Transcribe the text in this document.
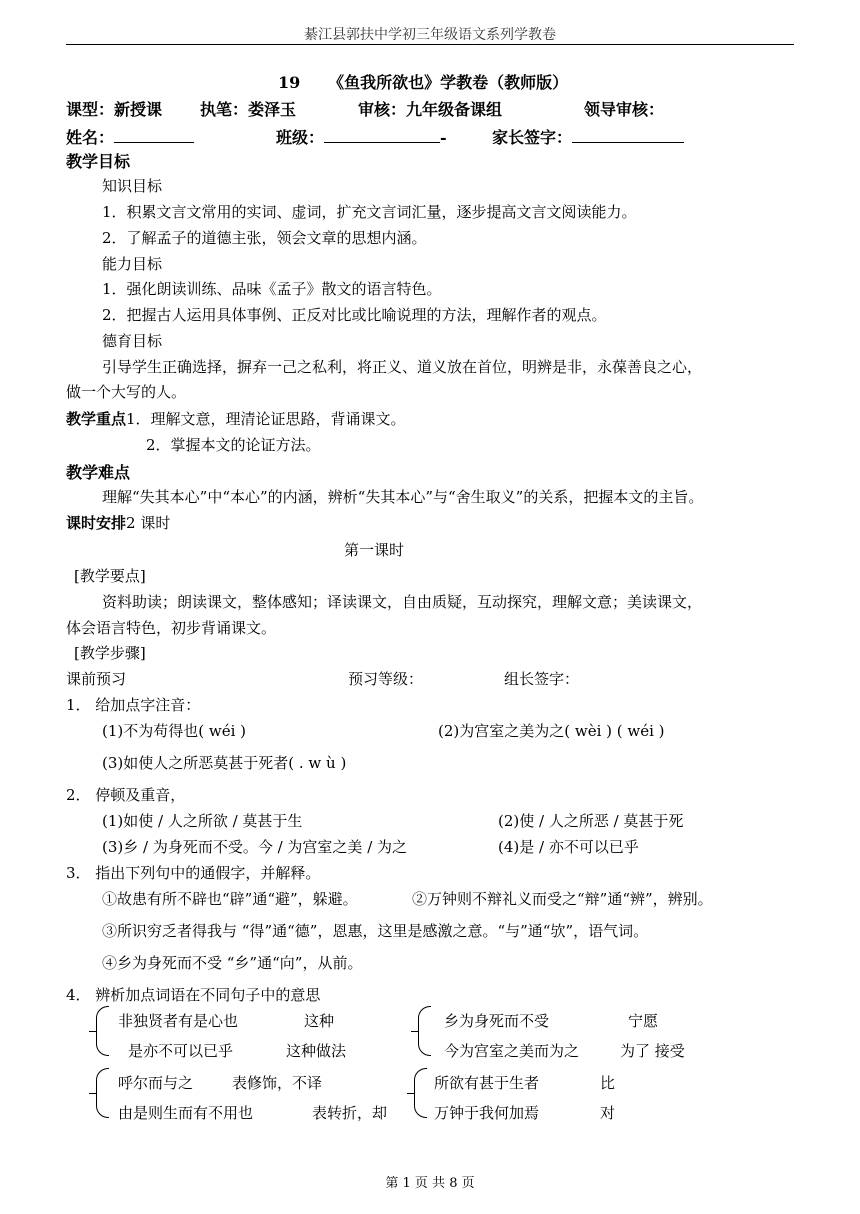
綦江县郭扶中学初三年级语文系列学教卷
19 《鱼我所欲也》学教卷（教师版）
课型：新授课 执笔：娄泽玉	审核：九年级备课组	领导审核：
姓名：	班级：	-	家长签字：
教学目标
知识目标
1．积累文言文常用的实词、虚词，扩充文言词汇量，逐步提高文言文阅读能力。
2．了解孟子的道德主张，领会文章的思想内涵。
能力目标
1．强化朗读训练、品味《孟子》散文的语言特色。
2．把握古人运用具体事例、正反对比或比喻说理的方法，理解作者的观点。
德育目标
引导学生正确选择，摒弃一己之私利，将正义、道义放在首位，明辨是非，永葆善良之心，
做一个大写的人。
教学重点1．理解文意，理清论证思路，背诵课文。
2．掌握本文的论证方法。
教学难点
理解“失其本心”中“本心”的内涵，辨析“失其本心”与“舍生取义”的关系，把握本文的主旨。
课时安排2 课时
第一课时
[教学要点]
资料助读；朗读课文，整体感知；译读课文，自由质疑，互动探究，理解文意；美读课文，
体会语言特色，初步背诵课文。
[教学步骤]
课前预习	预习等级：	组长签字：
1． 给加点字注音：
(1)不为苟得也( wéi )	(2)为宫室之美为之( wèi ) ( wéi )
(3)如使人之所恶莫甚于死者( . w ù )
2． 停顿及重音，
(1)如使 / 人之所欲 / 莫甚于生	(2)使 / 人之所恶 / 莫甚于死
(3)乡 / 为身死而不受。今 / 为宫室之美 / 为之	(4)是 / 亦不可以已乎
3． 指出下列句中的通假字，并解释。
①故患有所不辟也“辟”通“避”，躲避。	②万钟则不辩礼义而受之“辩”通“辨”，辨别。
③所识穷乏者得我与 “得”通“德”，恩惠，这里是感激之意。“与”通“欤”，语气词。
④乡为身死而不受 “乡”通“向”，从前。
4． 辨析加点词语在不同句子中的意思
非独贤者有是心也	这种
是亦不可以已乎	这种做法
乡为身死而不受	宁愿
今为宫室之美而为之	为了 接受
呼尔而与之	表修饰，不译
由是则生而有不用也	表转折，却
所欲有甚于生者	比
万钟于我何加焉	对
第 1 页 共 8 页
